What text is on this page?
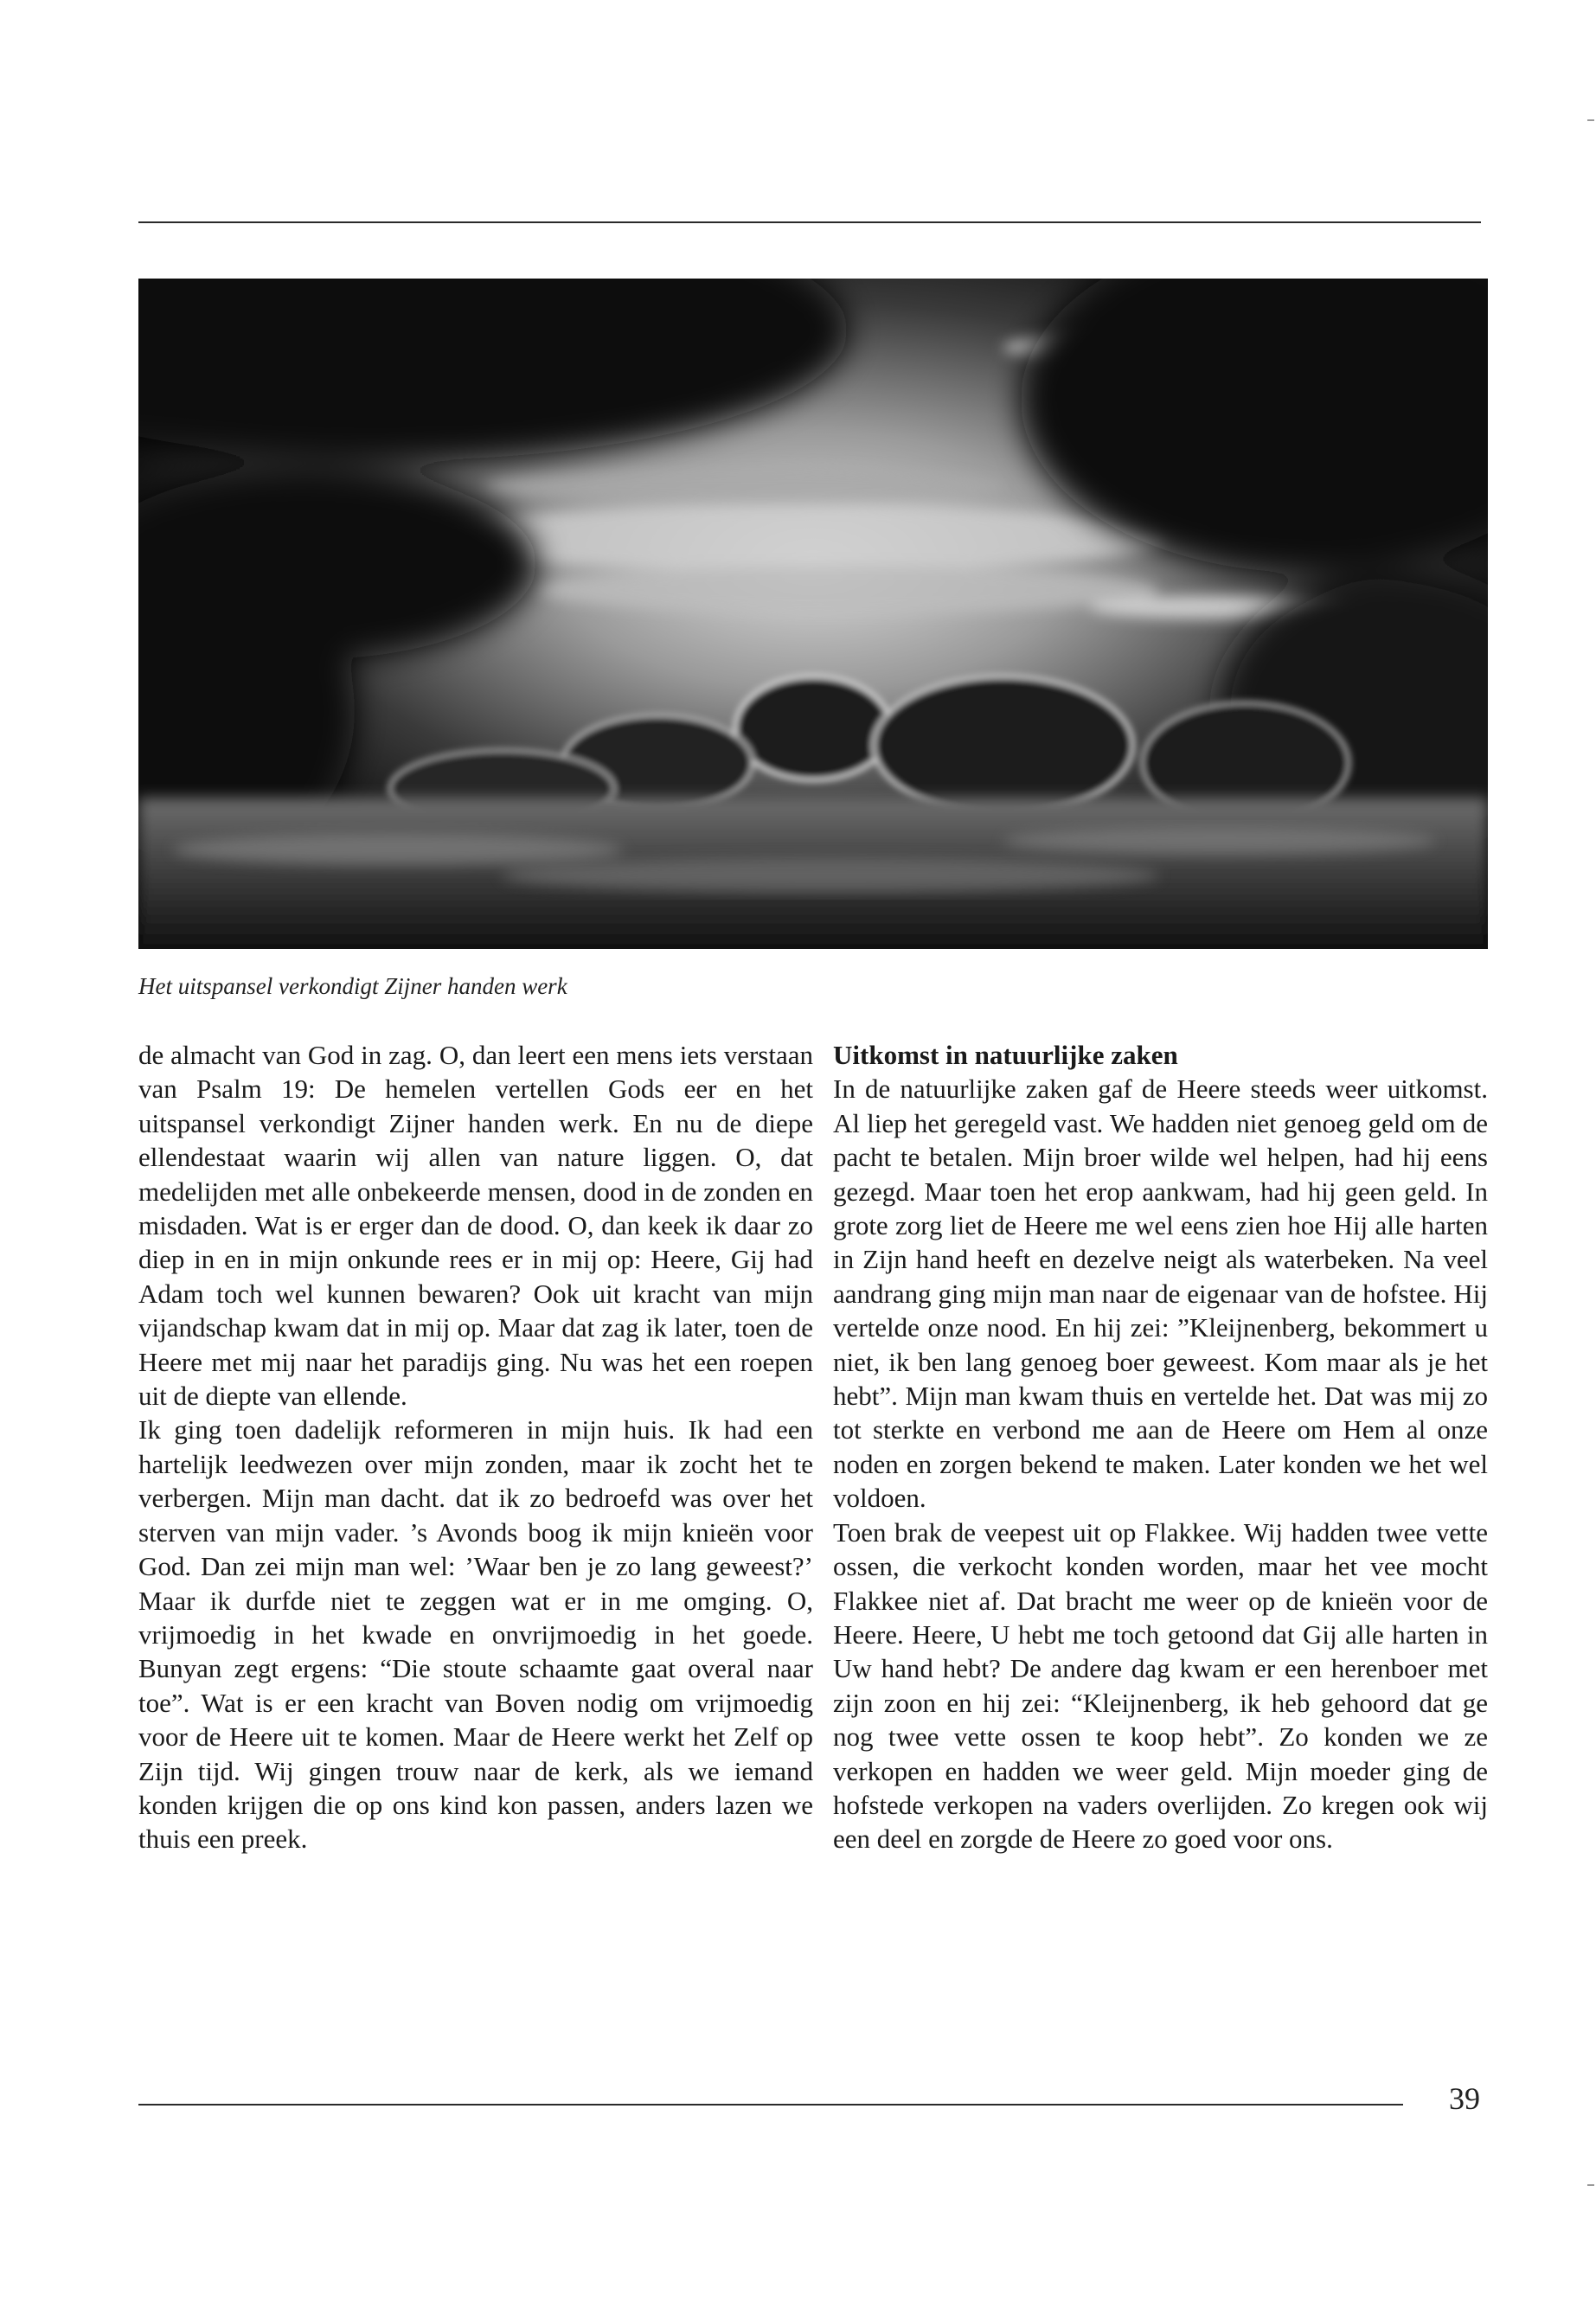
Het uitspansel verkondigt Zijner handen werk

de almacht van God in zag. O, dan leert een mens iets verstaan van Psalm 19: De hemelen vertellen Gods eer en het uitspansel verkondigt Zijner handen werk. En nu de diepe ellendestaat waarin wij allen van nature liggen. O, dat medelijden met alle onbekeerde mensen, dood in de zonden en misdaden. Wat is er erger dan de dood. O, dan keek ik daar zo diep in en in mijn onkunde rees er in mij op: Heere, Gij had Adam toch wel kunnen bewaren? Ook uit kracht van mijn vijandschap kwam dat in mij op. Maar dat zag ik later, toen de Heere met mij naar het paradijs ging. Nu was het een roepen uit de diepte van ellende.

Ik ging toen dadelijk reformeren in mijn huis. Ik had een hartelijk leedwezen over mijn zonden, maar ik zocht het te verbergen. Mijn man dacht. dat ik zo bedroefd was over het sterven van mijn vader. ’s Avonds boog ik mijn knieën voor God. Dan zei mijn man wel: ’Waar ben je zo lang geweest?’ Maar ik durfde niet te zeggen wat er in me omging. O, vrijmoedig in het kwade en onvrijmoedig in het goede. Bunyan zegt ergens: “Die stoute schaamte gaat overal naar toe”. Wat is er een kracht van Boven nodig om vrijmoedig voor de Heere uit te komen. Maar de Heere werkt het Zelf op Zijn tijd. Wij gingen trouw naar de kerk, als we iemand konden krijgen die op ons kind kon passen, anders lazen we thuis een preek.

Uitkomst in natuurlijke zaken

In de natuurlijke zaken gaf de Heere steeds weer uitkomst. Al liep het geregeld vast. We hadden niet genoeg geld om de pacht te betalen. Mijn broer wilde wel helpen, had hij eens gezegd. Maar toen het erop aankwam, had hij geen geld. In grote zorg liet de Heere me wel eens zien hoe Hij alle harten in Zijn hand heeft en dezelve neigt als waterbeken. Na veel aandrang ging mijn man naar de eigenaar van de hofstee. Hij vertelde onze nood. En hij zei: ”Kleijnenberg, bekommert u niet, ik ben lang genoeg boer geweest. Kom maar als je het hebt”. Mijn man kwam thuis en vertelde het. Dat was mij zo tot sterkte en verbond me aan de Heere om Hem al onze noden en zorgen bekend te maken. Later konden we het wel voldoen.

Toen brak de veepest uit op Flakkee. Wij hadden twee vette ossen, die verkocht konden worden, maar het vee mocht Flakkee niet af. Dat bracht me weer op de knieën voor de Heere. Heere, U hebt me toch getoond dat Gij alle harten in Uw hand hebt? De andere dag kwam er een herenboer met zijn zoon en hij zei: “Kleijnenberg, ik heb gehoord dat ge nog twee vette ossen te koop hebt”. Zo konden we ze verkopen en hadden we weer geld. Mijn moeder ging de hofstede verkopen na vaders overlijden. Zo kregen ook wij een deel en zorgde de Heere zo goed voor ons.

39
